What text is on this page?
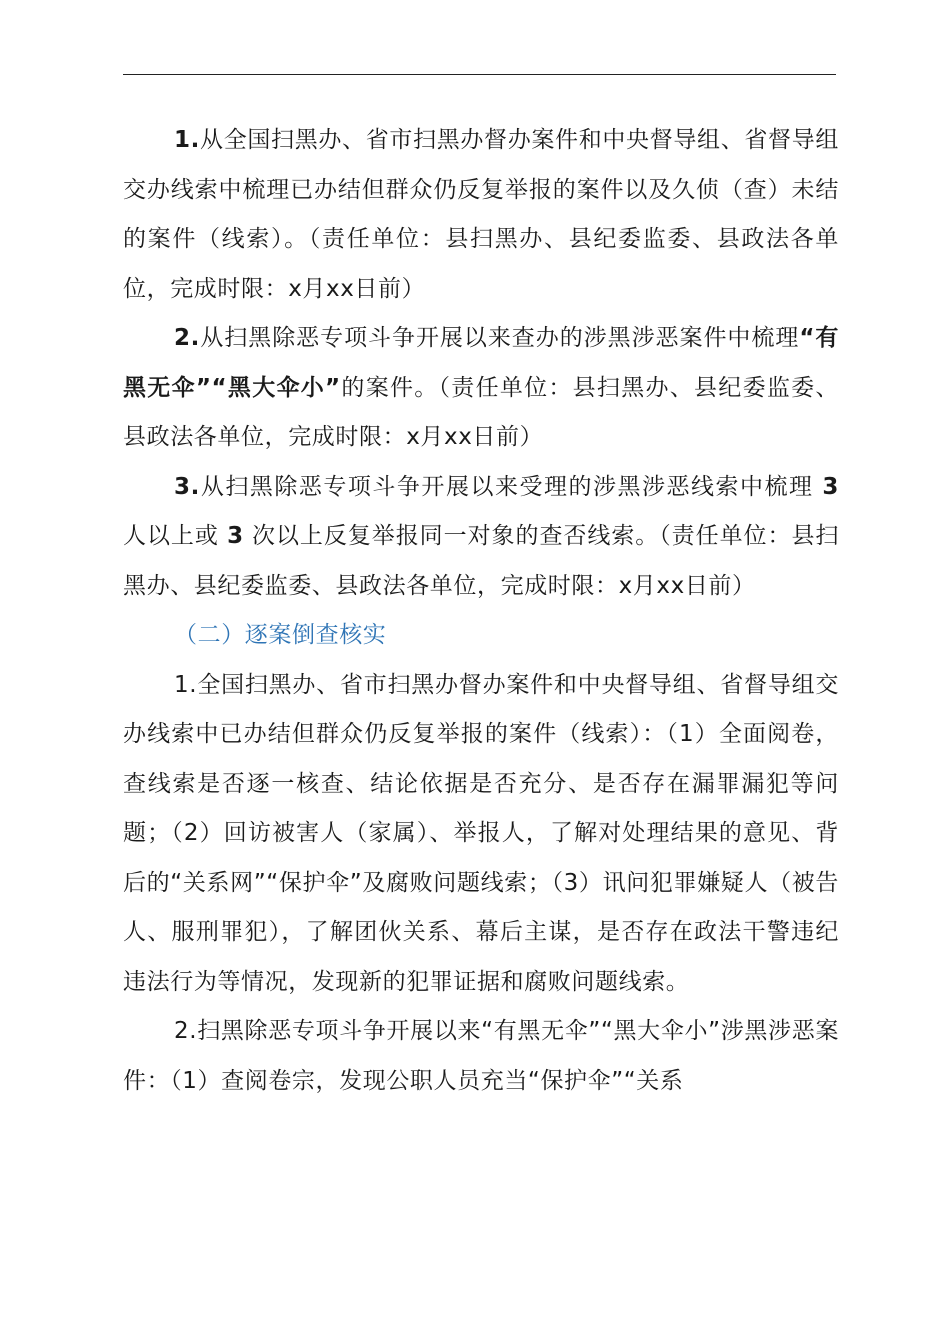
1.从全国扫黑办、省市扫黑办督办案件和中央督导组、省督导组交办线索中梳理已办结但群众仍反复举报的案件以及久侦（查）未结的案件（线索）。（责任单位：县扫黑办、县纪委监委、县政法各单位，完成时限：x月xx日前）

2.从扫黑除恶专项斗争开展以来查办的涉黑涉恶案件中梳理“有黑无伞”“黑大伞小”的案件。（责任单位：县扫黑办、县纪委监委、县政法各单位，完成时限：x月xx日前）

3.从扫黑除恶专项斗争开展以来受理的涉黑涉恶线索中梳理 3 人以上或 3 次以上反复举报同一对象的查否线索。（责任单位：县扫黑办、县纪委监委、县政法各单位，完成时限：x月xx日前）

（二）逐案倒查核实

1.全国扫黑办、省市扫黑办督办案件和中央督导组、省督导组交办线索中已办结但群众仍反复举报的案件（线索）：（1）全面阅卷，查线索是否逐一核查、结论依据是否充分、是否存在漏罪漏犯等问题；（2）回访被害人（家属）、举报人，了解对处理结果的意见、背后的“关系网”“保护伞”及腐败问题线索；（3）讯问犯罪嫌疑人（被告人、服刑罪犯），了解团伙关系、幕后主谋，是否存在政法干警违纪违法行为等情况，发现新的犯罪证据和腐败问题线索。

2.扫黑除恶专项斗争开展以来“有黑无伞”“黑大伞小”涉黑涉恶案件：（1）查阅卷宗，发现公职人员充当“保护伞”“关系
